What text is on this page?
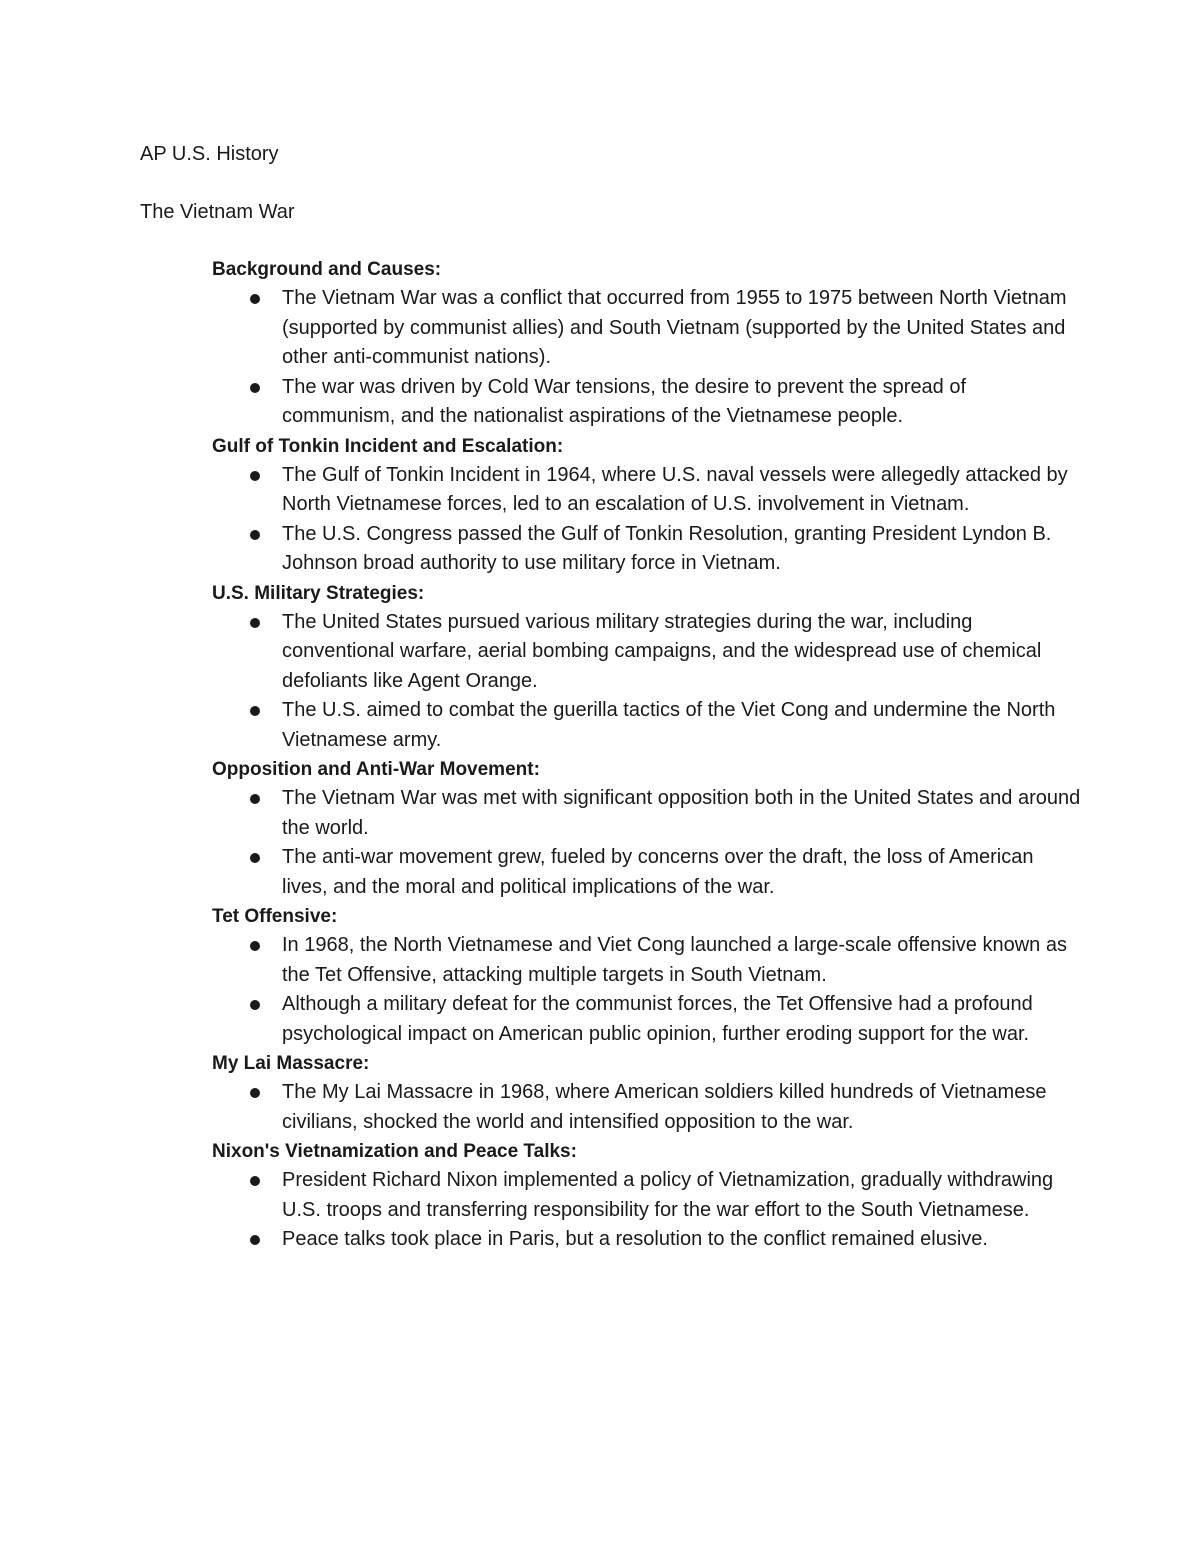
AP U.S. History

The Vietnam War

Background and Causes:
The Vietnam War was a conflict that occurred from 1955 to 1975 between North Vietnam (supported by communist allies) and South Vietnam (supported by the United States and other anti-communist nations).
The war was driven by Cold War tensions, the desire to prevent the spread of communism, and the nationalist aspirations of the Vietnamese people.
Gulf of Tonkin Incident and Escalation:
The Gulf of Tonkin Incident in 1964, where U.S. naval vessels were allegedly attacked by North Vietnamese forces, led to an escalation of U.S. involvement in Vietnam.
The U.S. Congress passed the Gulf of Tonkin Resolution, granting President Lyndon B. Johnson broad authority to use military force in Vietnam.
U.S. Military Strategies:
The United States pursued various military strategies during the war, including conventional warfare, aerial bombing campaigns, and the widespread use of chemical defoliants like Agent Orange.
The U.S. aimed to combat the guerilla tactics of the Viet Cong and undermine the North Vietnamese army.
Opposition and Anti-War Movement:
The Vietnam War was met with significant opposition both in the United States and around the world.
The anti-war movement grew, fueled by concerns over the draft, the loss of American lives, and the moral and political implications of the war.
Tet Offensive:
In 1968, the North Vietnamese and Viet Cong launched a large-scale offensive known as the Tet Offensive, attacking multiple targets in South Vietnam.
Although a military defeat for the communist forces, the Tet Offensive had a profound psychological impact on American public opinion, further eroding support for the war.
My Lai Massacre:
The My Lai Massacre in 1968, where American soldiers killed hundreds of Vietnamese civilians, shocked the world and intensified opposition to the war.
Nixon's Vietnamization and Peace Talks:
President Richard Nixon implemented a policy of Vietnamization, gradually withdrawing U.S. troops and transferring responsibility for the war effort to the South Vietnamese.
Peace talks took place in Paris, but a resolution to the conflict remained elusive.
